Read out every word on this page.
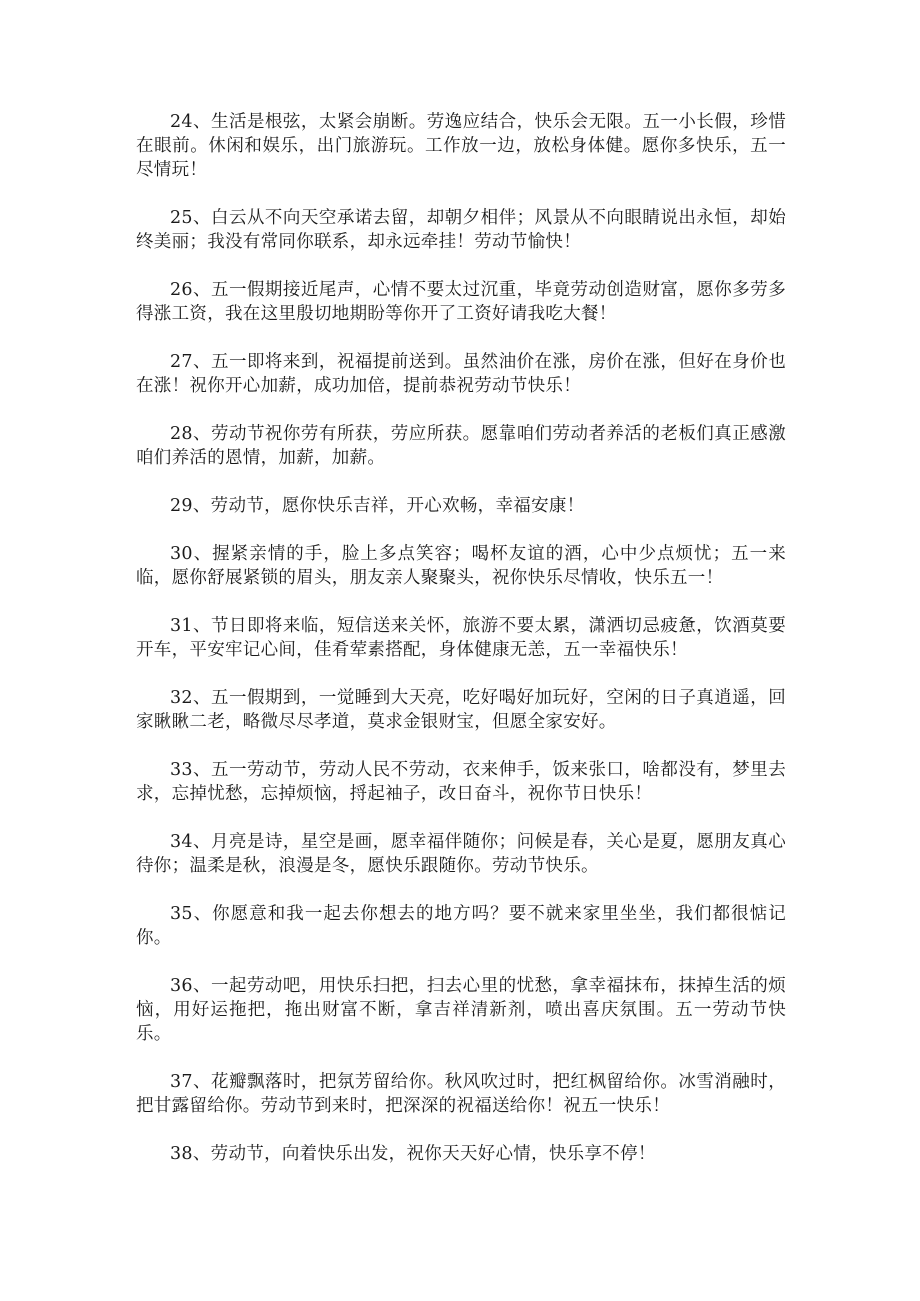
24、生活是根弦，太紧会崩断。劳逸应结合，快乐会无限。五一小长假，珍惜在眼前。休闲和娱乐，出门旅游玩。工作放一边，放松身体健。愿你多快乐，五一尽情玩！

25、白云从不向天空承诺去留，却朝夕相伴；风景从不向眼睛说出永恒，却始终美丽；我没有常同你联系，却永远牵挂！劳动节愉快！

26、五一假期接近尾声，心情不要太过沉重，毕竟劳动创造财富，愿你多劳多得涨工资，我在这里殷切地期盼等你开了工资好请我吃大餐！

27、五一即将来到，祝福提前送到。虽然油价在涨，房价在涨，但好在身价也在涨！祝你开心加薪，成功加倍，提前恭祝劳动节快乐！

28、劳动节祝你劳有所获，劳应所获。愿靠咱们劳动者养活的老板们真正感激咱们养活的恩情，加薪，加薪。

29、劳动节，愿你快乐吉祥，开心欢畅，幸福安康！

30、握紧亲情的手，脸上多点笑容；喝杯友谊的酒，心中少点烦忧；五一来临，愿你舒展紧锁的眉头，朋友亲人聚聚头，祝你快乐尽情收，快乐五一！

31、节日即将来临，短信送来关怀，旅游不要太累，潇洒切忌疲惫，饮酒莫要开车，平安牢记心间，佳肴荤素搭配，身体健康无恙，五一幸福快乐！

32、五一假期到，一觉睡到大天亮，吃好喝好加玩好，空闲的日子真逍遥，回家瞅瞅二老，略微尽尽孝道，莫求金银财宝，但愿全家安好。

33、五一劳动节，劳动人民不劳动，衣来伸手，饭来张口，啥都没有，梦里去求，忘掉忧愁，忘掉烦恼，捋起袖子，改日奋斗，祝你节日快乐！

34、月亮是诗，星空是画，愿幸福伴随你；问候是春，关心是夏，愿朋友真心待你；温柔是秋，浪漫是冬，愿快乐跟随你。劳动节快乐。

35、你愿意和我一起去你想去的地方吗？要不就来家里坐坐，我们都很惦记你。

36、一起劳动吧，用快乐扫把，扫去心里的忧愁，拿幸福抹布，抹掉生活的烦恼，用好运拖把，拖出财富不断，拿吉祥清新剂，喷出喜庆氛围。五一劳动节快乐。

37、花瓣飘落时，把氛芳留给你。秋风吹过时，把红枫留给你。冰雪消融时，把甘露留给你。劳动节到来时，把深深的祝福送给你！祝五一快乐！

38、劳动节，向着快乐出发，祝你天天好心情，快乐享不停！
